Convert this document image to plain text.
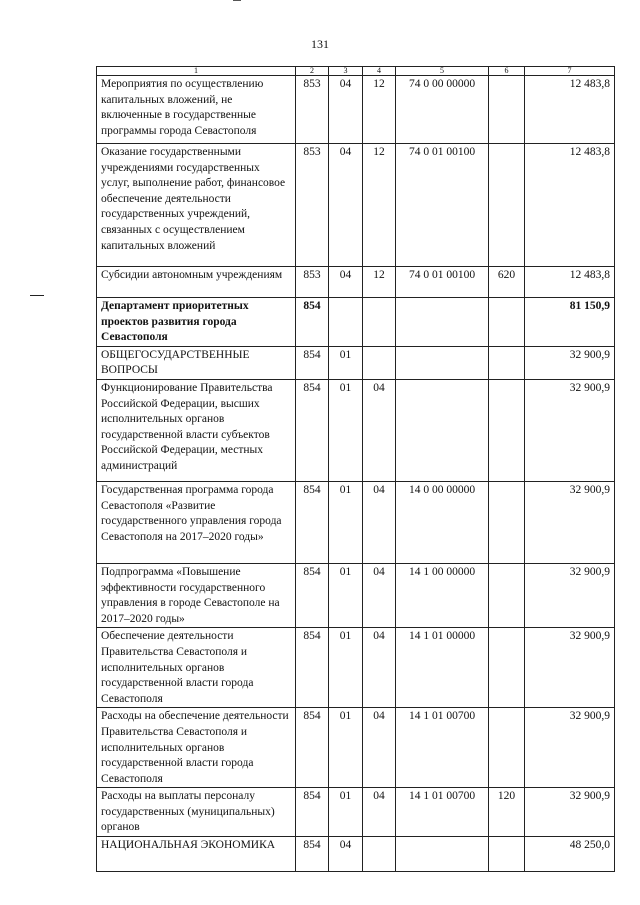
131
1	2	3	4	5	6	7
Мероприятия по осуществлению капитальных вложений, не включенные в государственные программы города Севастополя	853	04	12	74 0 00 00000		12 483,8
Оказание государственными учреждениями государственных услуг, выполнение работ, финансовое обеспечение деятельности государственных учреждений, связанных с осуществлением капитальных вложений	853	04	12	74 0 01 00100		12 483,8
Субсидии автономным учреждениям	853	04	12	74 0 01 00100	620	12 483,8
Департамент приоритетных проектов развития города Севастополя	854					81 150,9
ОБЩЕГОСУДАРСТВЕННЫЕ ВОПРОСЫ	854	01				32 900,9
Функционирование Правительства Российской Федерации, высших исполнительных органов государственной власти субъектов Российской Федерации, местных администраций	854	01	04			32 900,9
Государственная программа города Севастополя «Развитие государственного управления города Севастополя на 2017–2020 годы»	854	01	04	14 0 00 00000		32 900,9
Подпрограмма «Повышение эффективности государственного управления в городе Севастополе на 2017–2020 годы»	854	01	04	14 1 00 00000		32 900,9
Обеспечение деятельности Правительства Севастополя и исполнительных органов государственной власти города Севастополя	854	01	04	14 1 01 00000		32 900,9
Расходы на обеспечение деятельности Правительства Севастополя и исполнительных органов государственной власти города Севастополя	854	01	04	14 1 01 00700		32 900,9
Расходы на выплаты персоналу государственных (муниципальных) органов	854	01	04	14 1 01 00700	120	32 900,9
НАЦИОНАЛЬНАЯ ЭКОНОМИКА	854	04				48 250,0
